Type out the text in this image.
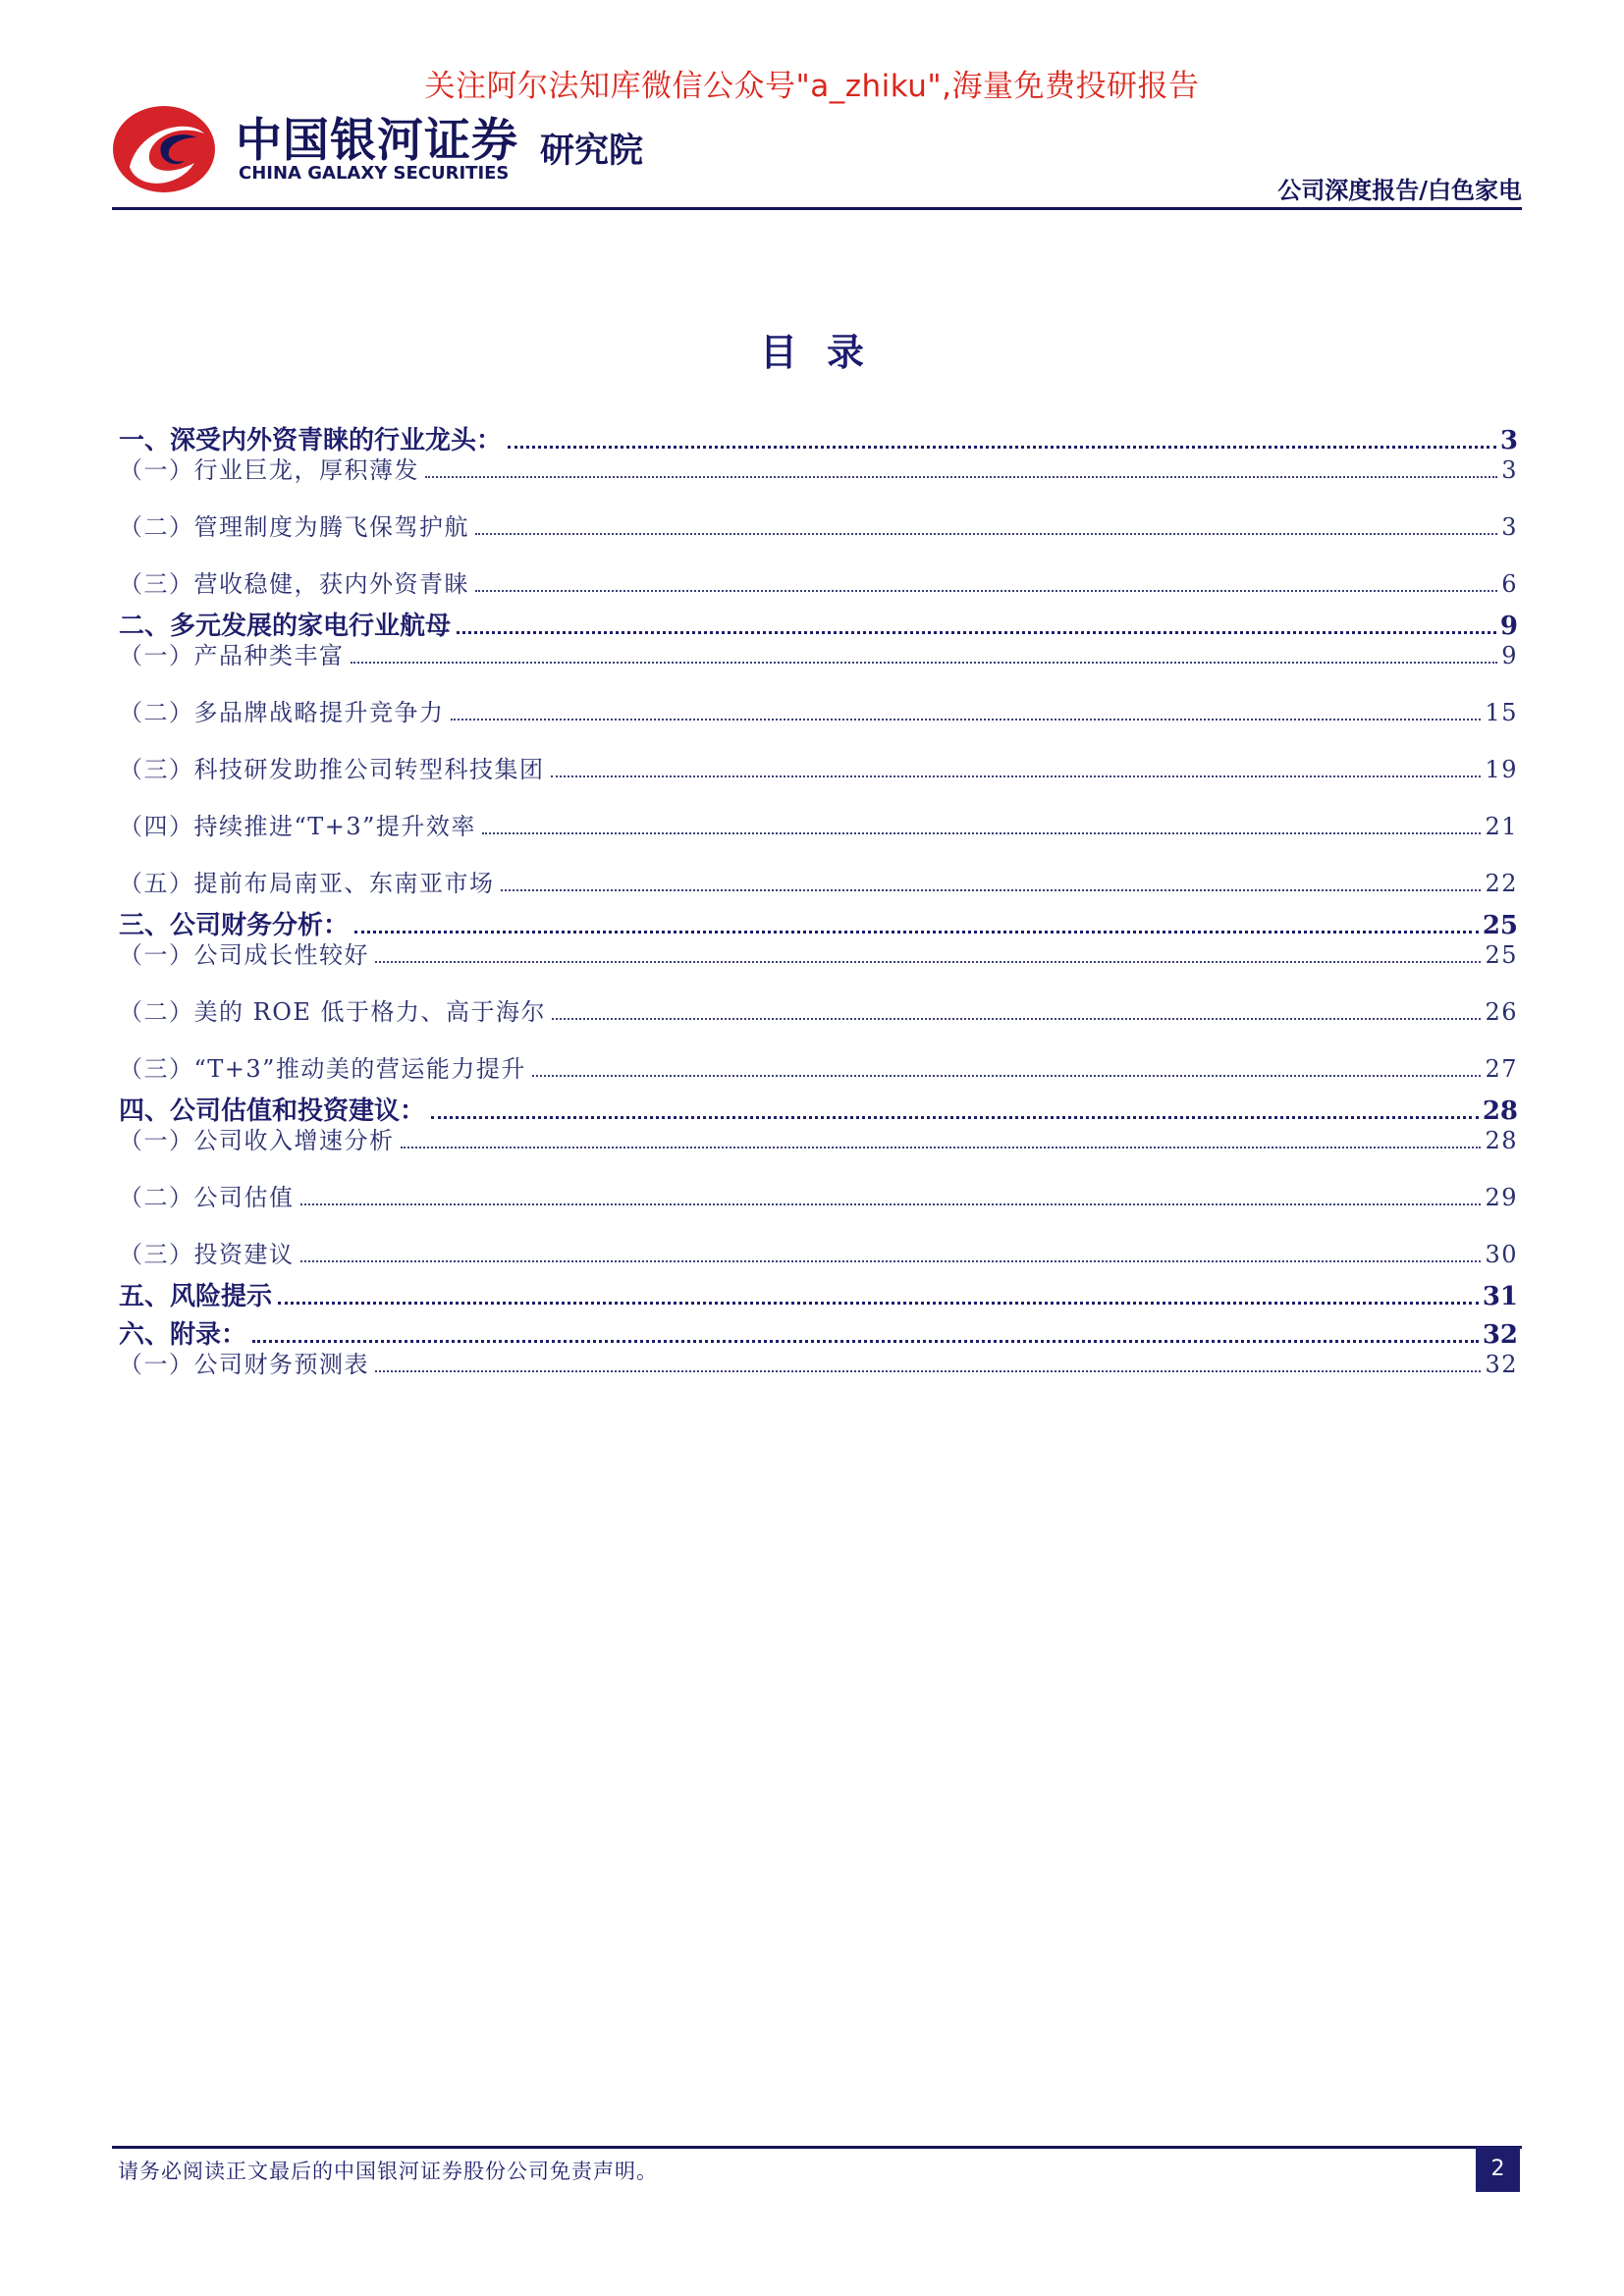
关注阿尔法知库微信公众号"a_zhiku",海量免费投研报告
中国银河证券
CHINA GALAXY SECURITIES
研究院
公司深度报告/白色家电
目录
一、深受内外资青睐的行业龙头：	3
（一）行业巨龙，厚积薄发	3
（二）管理制度为腾飞保驾护航	3
（三）营收稳健，获内外资青睐	6
二、多元发展的家电行业航母	9
（一）产品种类丰富	9
（二）多品牌战略提升竞争力	15
（三）科技研发助推公司转型科技集团	19
（四）持续推进“T+3”提升效率	21
（五）提前布局南亚、东南亚市场	22
三、公司财务分析：	25
（一）公司成长性较好	25
（二）美的 ROE 低于格力、高于海尔	26
（三）“T+3”推动美的营运能力提升	27
四、公司估值和投资建议：	28
（一）公司收入增速分析	28
（二）公司估值	29
（三）投资建议	30
五、风险提示	31
六、附录：	32
（一）公司财务预测表	32
请务必阅读正文最后的中国银河证券股份公司免责声明。	2
